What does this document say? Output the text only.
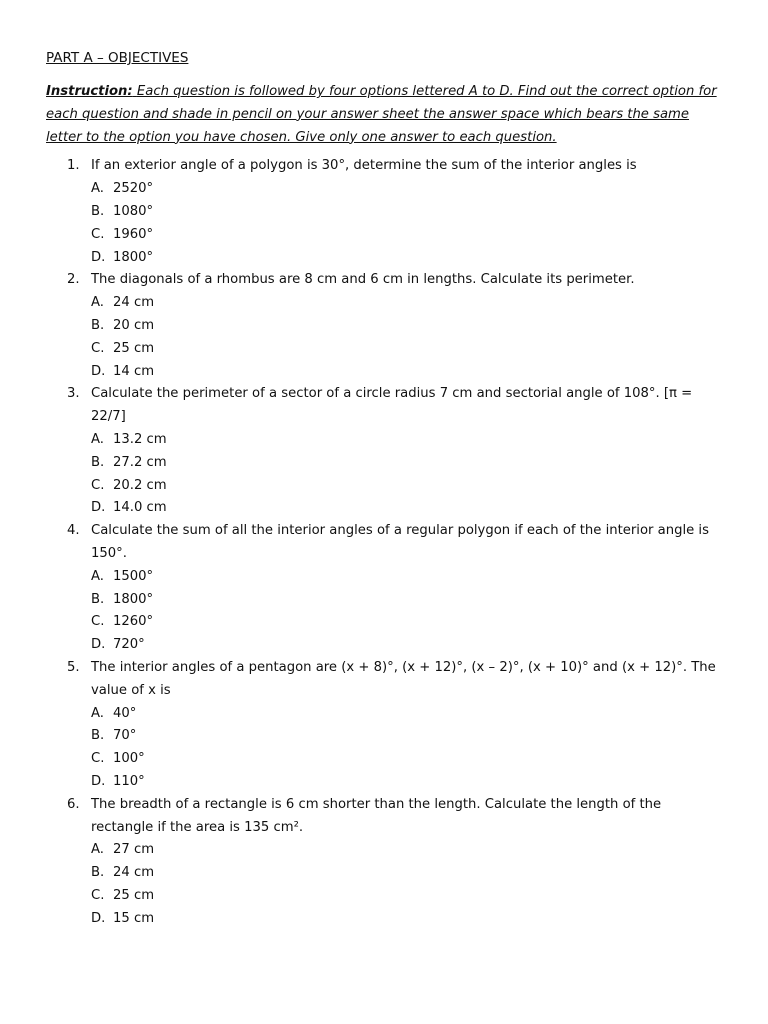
PART A – OBJECTIVES

Instruction: Each question is followed by four options lettered A to D. Find out the correct option for each question and shade in pencil on your answer sheet the answer space which bears the same letter to the option you have chosen. Give only one answer to each question.

1. If an exterior angle of a polygon is 30°, determine the sum of the interior angles is
A. 2520°
B. 1080°
C. 1960°
D. 1800°
2. The diagonals of a rhombus are 8 cm and 6 cm in lengths. Calculate its perimeter.
A. 24 cm
B. 20 cm
C. 25 cm
D. 14 cm
3. Calculate the perimeter of a sector of a circle radius 7 cm and sectorial angle of 108°. [π = 22/7]
A. 13.2 cm
B. 27.2 cm
C. 20.2 cm
D. 14.0 cm
4. Calculate the sum of all the interior angles of a regular polygon if each of the interior angle is 150°.
A. 1500°
B. 1800°
C. 1260°
D. 720°
5. The interior angles of a pentagon are (x + 8)°, (x + 12)°, (x – 2)°, (x + 10)° and (x + 12)°. The value of x is
A. 40°
B. 70°
C. 100°
D. 110°
6. The breadth of a rectangle is 6 cm shorter than the length. Calculate the length of the rectangle if the area is 135 cm².
A. 27 cm
B. 24 cm
C. 25 cm
D. 15 cm
